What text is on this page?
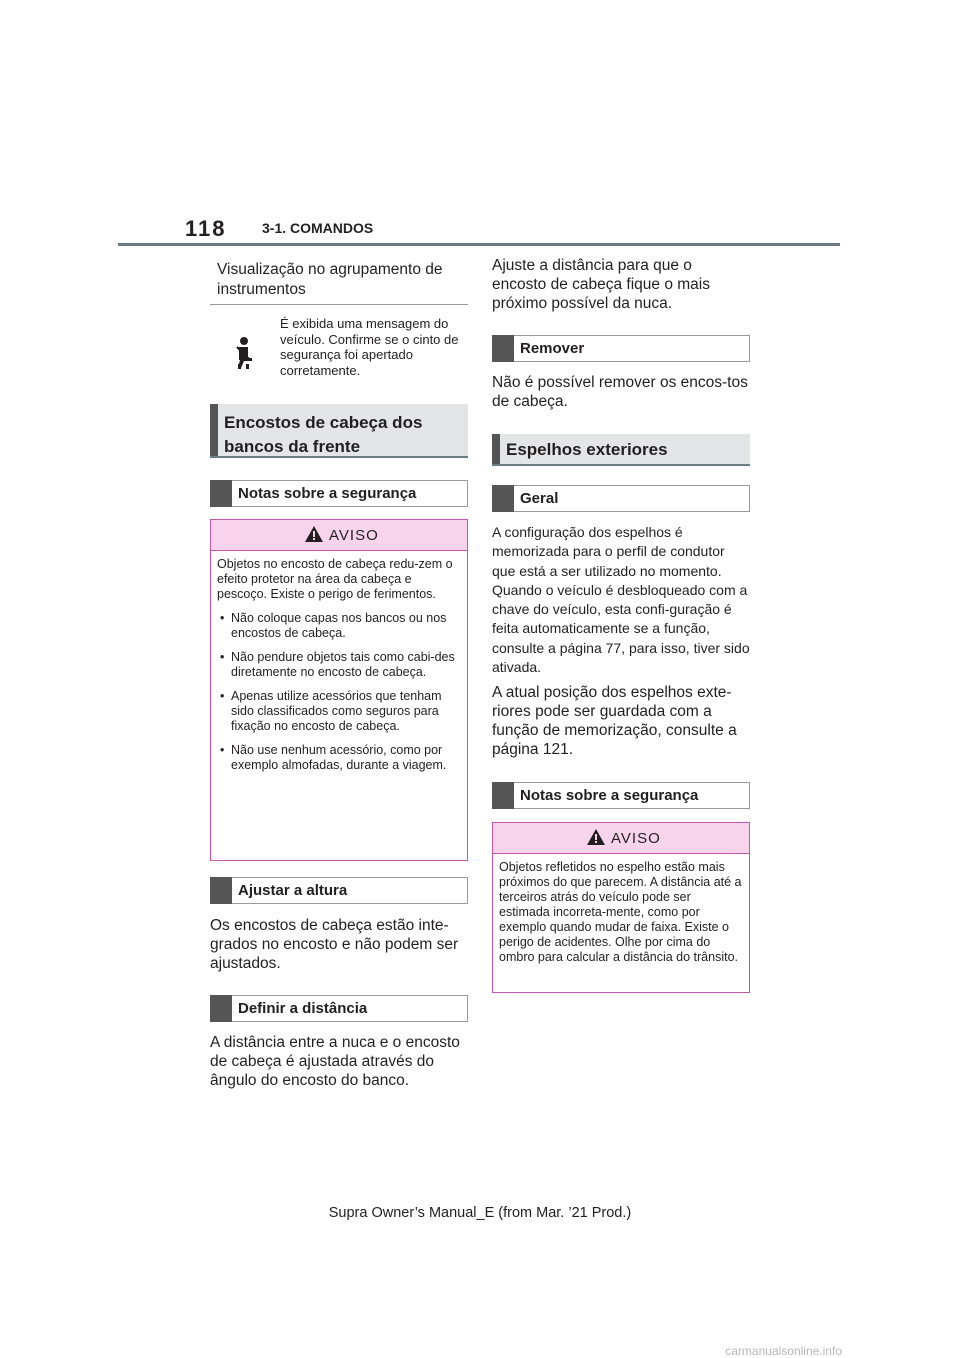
118	3-1. COMANDOS
Visualização no agrupamento de instrumentos
É exibida uma mensagem do veículo. Confirme se o cinto de segurança foi apertado corretamente.
Encostos de cabeça dos bancos da frente
Notas sobre a segurança
AVISO
Objetos no encosto de cabeça redu-zem o efeito protetor na área da cabeça e pescoço. Existe o perigo de ferimentos.
• Não coloque capas nos bancos ou nos encostos de cabeça.
• Não pendure objetos tais como cabi-des diretamente no encosto de cabeça.
• Apenas utilize acessórios que tenham sido classificados como seguros para fixação no encosto de cabeça.
• Não use nenhum acessório, como por exemplo almofadas, durante a viagem.
Ajustar a altura
Os encostos de cabeça estão inte-grados no encosto e não podem ser ajustados.
Definir a distância
A distância entre a nuca e o encosto de cabeça é ajustada através do ângulo do encosto do banco.
Ajuste a distância para que o encosto de cabeça fique o mais próximo possível da nuca.
Remover
Não é possível remover os encos-tos de cabeça.
Espelhos exteriores
Geral
A configuração dos espelhos é memorizada para o perfil de condutor que está a ser utilizado no momento. Quando o veículo é desbloqueado com a chave do veículo, esta confi-guração é feita automaticamente se a função, consulte a página 77, para isso, tiver sido ativada.
A atual posição dos espelhos exte-riores pode ser guardada com a função de memorização, consulte a página 121.
Notas sobre a segurança
AVISO
Objetos refletidos no espelho estão mais próximos do que parecem. A distância até a terceiros atrás do veículo pode ser estimada incorreta-mente, como por exemplo quando mudar de faixa. Existe o perigo de acidentes. Olhe por cima do ombro para calcular a distância do trânsito.
Supra Owner’s Manual_E (from Mar. ’21 Prod.)
carmanualsonline.info
